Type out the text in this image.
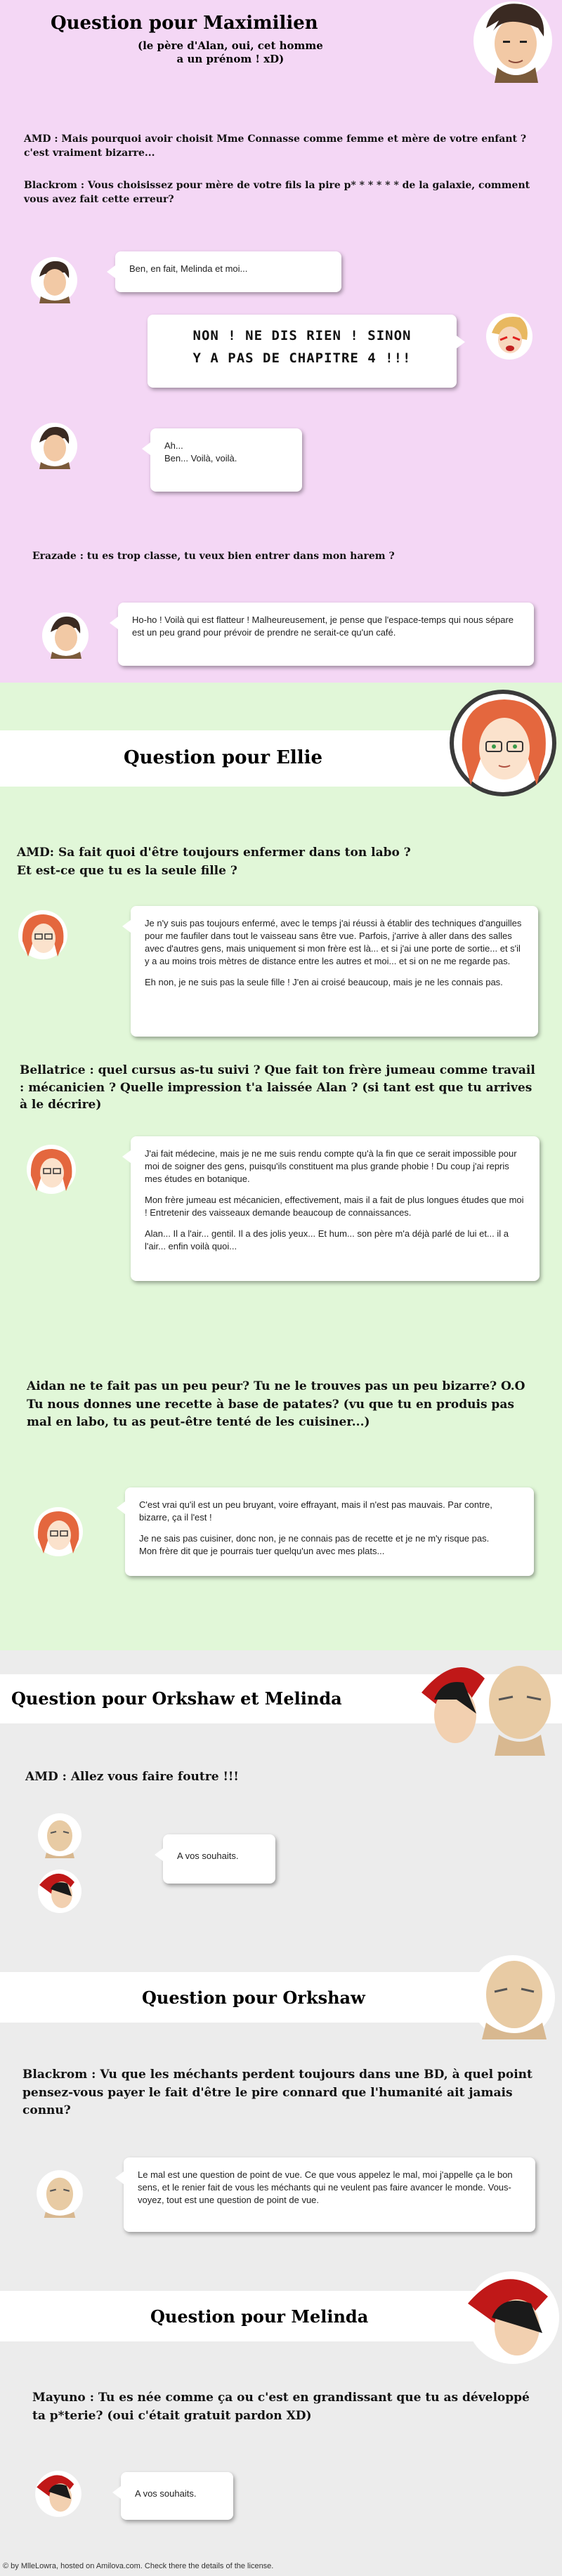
Question pour Maximilien
(le père d'Alan, oui, cet homme
a un prénom ! xD)
AMD : Mais pourquoi avoir choisit Mme Connasse comme femme et mère de votre enfant ? c'est vraiment bizarre...
Blackrom : Vous choisissez pour mère de votre fils la pire p* * * * * * de la galaxie, comment vous avez fait cette erreur?

Ben, en fait, Melinda et moi...

NON ! NE DIS RIEN ! SINON
Y A PAS DE CHAPITRE 4 !!!

Ah...
Ben... Voilà, voilà.

Erazade : tu es trop classe, tu veux bien entrer dans mon harem ?

Ho-ho ! Voilà qui est flatteur ! Malheureusement, je pense que l'espace-temps qui nous sépare est un peu grand pour prévoir de prendre ne serait-ce qu'un café.

Question pour Ellie
AMD: Sa fait quoi d'être toujours enfermer dans ton labo ?
Et est-ce que tu es la seule fille ?

Je n'y suis pas toujours enfermé, avec le temps j'ai réussi à établir des techniques d'anguilles pour me faufiler dans tout le vaisseau sans être vue. Parfois, j'arrive à aller dans des salles avec d'autres gens, mais uniquement si mon frère est là... et si j'ai une porte de sortie... et s'il y a au moins trois mètres de distance entre les autres et moi... et si on ne me regarde pas.

Eh non, je ne suis pas la seule fille ! J'en ai croisé beaucoup, mais je ne les connais pas.

Bellatrice : quel cursus as-tu suivi ? Que fait ton frère jumeau comme travail : mécanicien ? Quelle impression t'a laissée Alan ? (si tant est que tu arrives à le décrire)

J'ai fait médecine, mais je ne me suis rendu compte qu'à la fin que ce serait impossible pour moi de soigner des gens, puisqu'ils constituent ma plus grande phobie ! Du coup j'ai repris mes études en botanique.

Mon frère jumeau est mécanicien, effectivement, mais il a fait de plus longues études que moi ! Entretenir des vaisseaux demande beaucoup de connaissances.

Alan... Il a l'air... gentil. Il a des jolis yeux... Et hum... son père m'a déjà parlé de lui et... il a l'air... enfin voilà quoi...

Aidan ne te fait pas un peu peur? Tu ne le trouves pas un peu bizarre? O.O
Tu nous donnes une recette à base de patates? (vu que tu en produis pas mal en labo, tu as peut-être tenté de les cuisiner...)

C'est vrai qu'il est un peu bruyant, voire effrayant, mais il n'est pas mauvais. Par contre, bizarre, ça il l'est !

Je ne sais pas cuisiner, donc non, je ne connais pas de recette et je ne m'y risque pas.
Mon frère dit que je pourrais tuer quelqu'un avec mes plats...

Question pour Orkshaw et Melinda
AMD : Allez vous faire foutre !!!

A vos souhaits.

Question pour Orkshaw
Blackrom : Vu que les méchants perdent toujours dans une BD, à quel point pensez-vous payer le fait d'être le pire connard que l'humanité ait jamais connu?

Le mal est une question de point de vue. Ce que vous appelez le mal, moi j'appelle ça le bon sens, et le renier fait de vous les méchants qui ne veulent pas faire avancer le monde. Vous-voyez, tout est une question de point de vue.

Question pour Melinda
Mayuno : Tu es née comme ça ou c'est en grandissant que tu as développé ta p*terie? (oui c'était gratuit pardon XD)

A vos souhaits.

© by MlleLowra, hosted on Amilova.com. Check there the details of the license.
